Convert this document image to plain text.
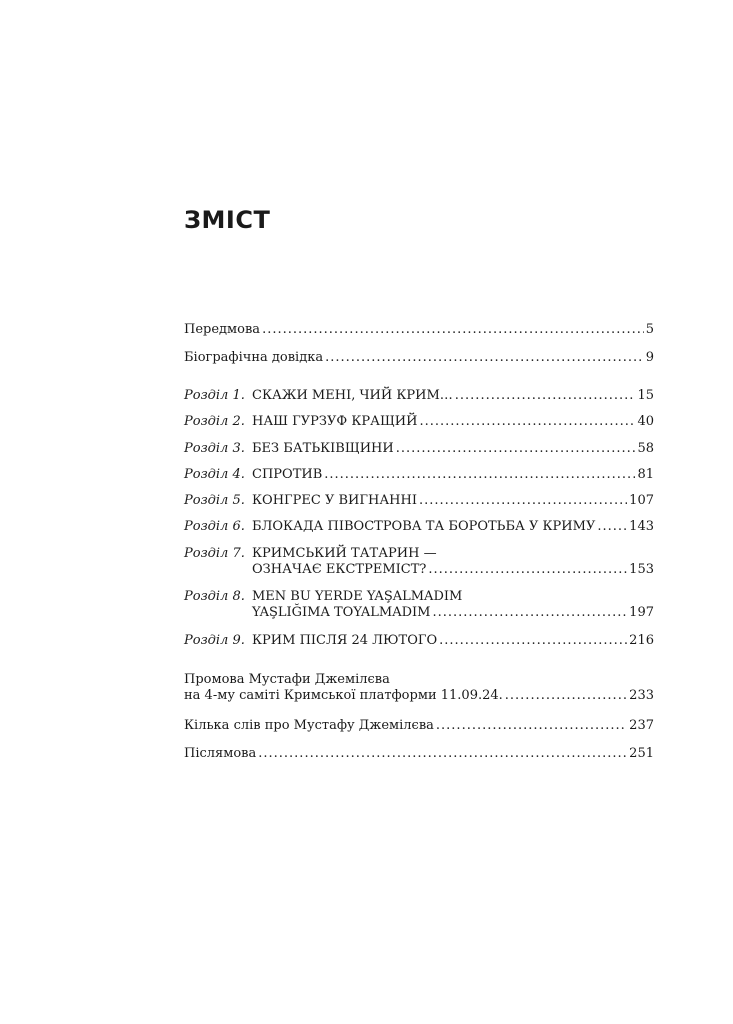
ЗМІСТ
Передмова .....	5
Біографічна довідка .....	9
Розділ 1. СКАЖИ МЕНІ, ЧИЙ КРИМ… .....	15
Розділ 2. НАШ ГУРЗУФ КРАЩИЙ .....	40
Розділ 3. БЕЗ БАТЬКІВЩИНИ .....	58
Розділ 4. СПРОТИВ .....	81
Розділ 5. КОНГРЕС У ВИГНАННІ .....	107
Розділ 6. БЛОКАДА ПІВОСТРОВА ТА БОРОТЬБА У КРИМУ .....	143
Розділ 7. КРИМСЬКИЙ ТАТАРИН —
ОЗНАЧАЄ ЕКСТРЕМІСТ? .....	153
Розділ 8. MEN BU YERDE YAŞALMADIM
YAŞLIĞIMA TOYALMADIM .....	197
Розділ 9. КРИМ ПІСЛЯ 24 ЛЮТОГО .....	216
Промова Мустафи Джемілєва
на 4-му саміті Кримської платформи 11.09.24. .....	233
Кілька слів про Мустафу Джемілєва .....	237
Післямова .....	251
